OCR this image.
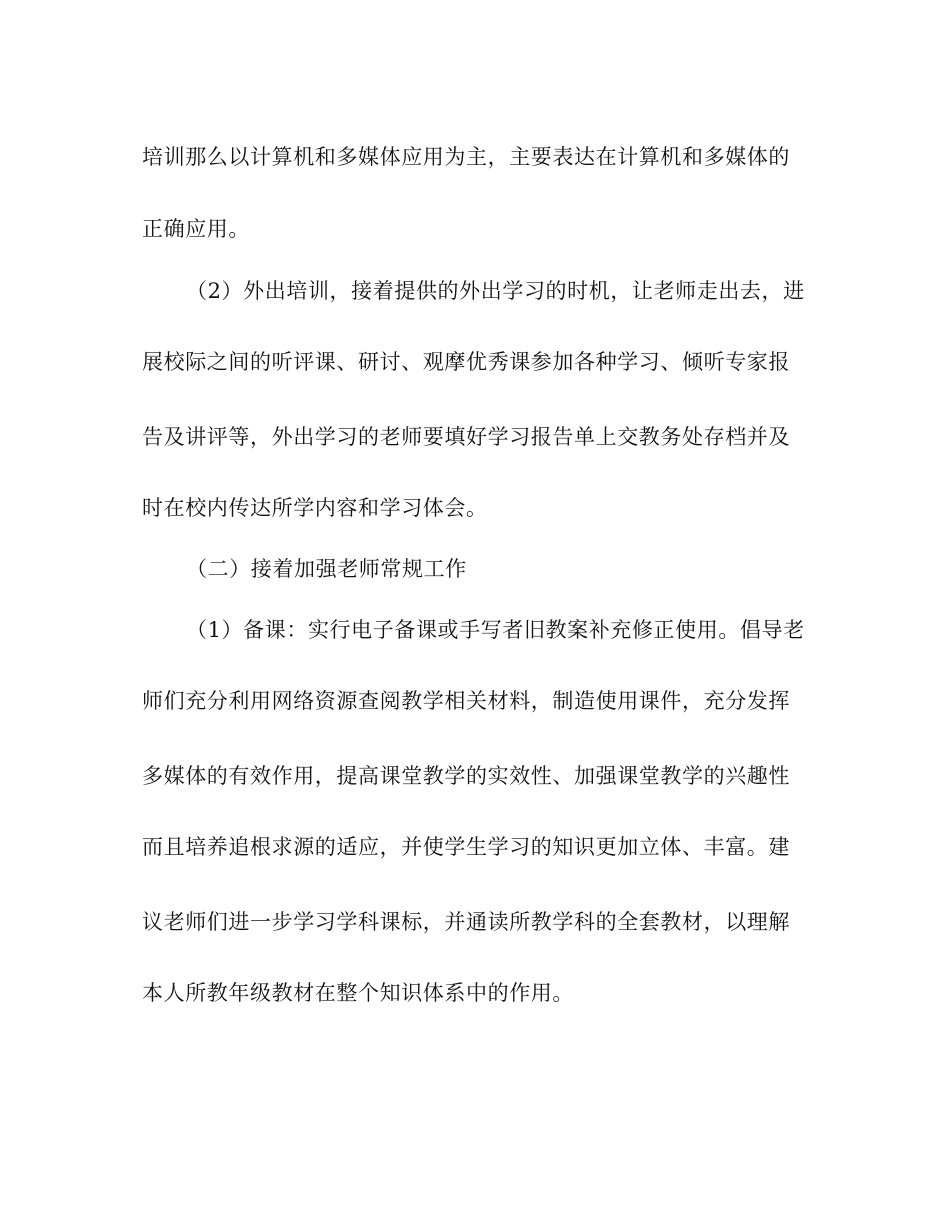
培训那么以计算机和多媒体应用为主，主要表达在计算机和多媒体的
正确应用。
（2）外出培训，接着提供的外出学习的时机，让老师走出去，进
展校际之间的听评课、研讨、观摩优秀课参加各种学习、倾听专家报
告及讲评等，外出学习的老师要填好学习报告单上交教务处存档并及
时在校内传达所学内容和学习体会。
（二）接着加强老师常规工作
（1）备课：实行电子备课或手写者旧教案补充修正使用。倡导老
师们充分利用网络资源查阅教学相关材料，制造使用课件，充分发挥
多媒体的有效作用，提高课堂教学的实效性、加强课堂教学的兴趣性
而且培养追根求源的适应，并使学生学习的知识更加立体、丰富。建
议老师们进一步学习学科课标，并通读所教学科的全套教材，以理解
本人所教年级教材在整个知识体系中的作用。
